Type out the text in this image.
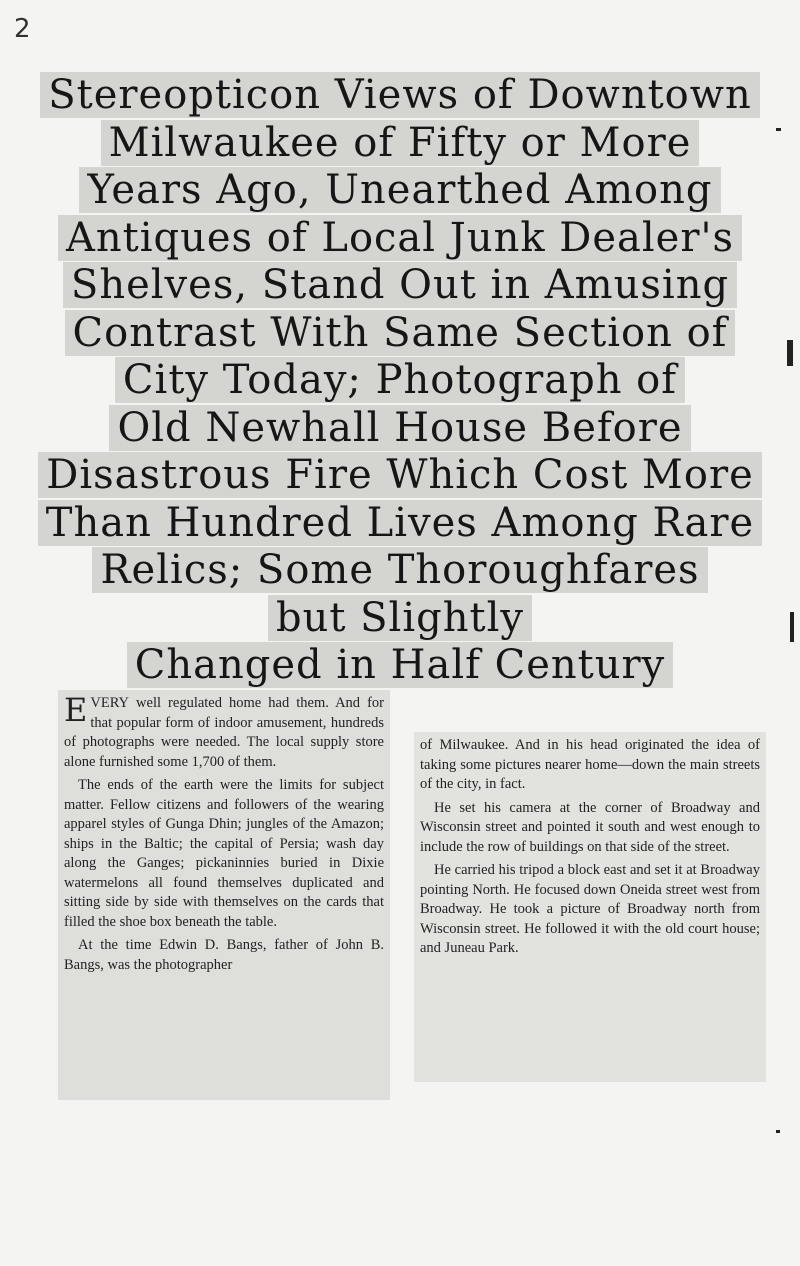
2
Stereopticon Views of Downtown
Milwaukee of Fifty or More
Years Ago, Unearthed Among
Antiques of Local Junk Dealer's
Shelves, Stand Out in Amusing
Contrast With Same Section of
City Today; Photograph of
Old Newhall House Before
Disastrous Fire Which Cost More
Than Hundred Lives Among Rare
Relics; Some Thoroughfares
but Slightly
Changed in Half Century

EVERY well regulated home had them. And for that popular form of indoor amusement, hundreds of photographs were needed. The local supply store alone furnished some 1,700 of them.

The ends of the earth were the limits for subject matter. Fellow citizens and followers of the wearing apparel styles of Gunga Dhin; jungles of the Amazon; ships in the Baltic; the capital of Persia; wash day along the Ganges; pickaninnies buried in Dixie watermelons all found themselves duplicated and sitting side by side with themselves on the cards that filled the shoe box beneath the table.

At the time Edwin D. Bangs, father of John B. Bangs, was the photographer

of Milwaukee. And in his head originated the idea of taking some pictures nearer home—down the main streets of the city, in fact.

He set his camera at the corner of Broadway and Wisconsin street and pointed it south and west enough to include the row of buildings on that side of the street.

He carried his tripod a block east and set it at Broadway pointing North. He focused down Oneida street west from Broadway. He took a picture of Broadway north from Wisconsin street. He followed it with the old court house; and Juneau Park.
